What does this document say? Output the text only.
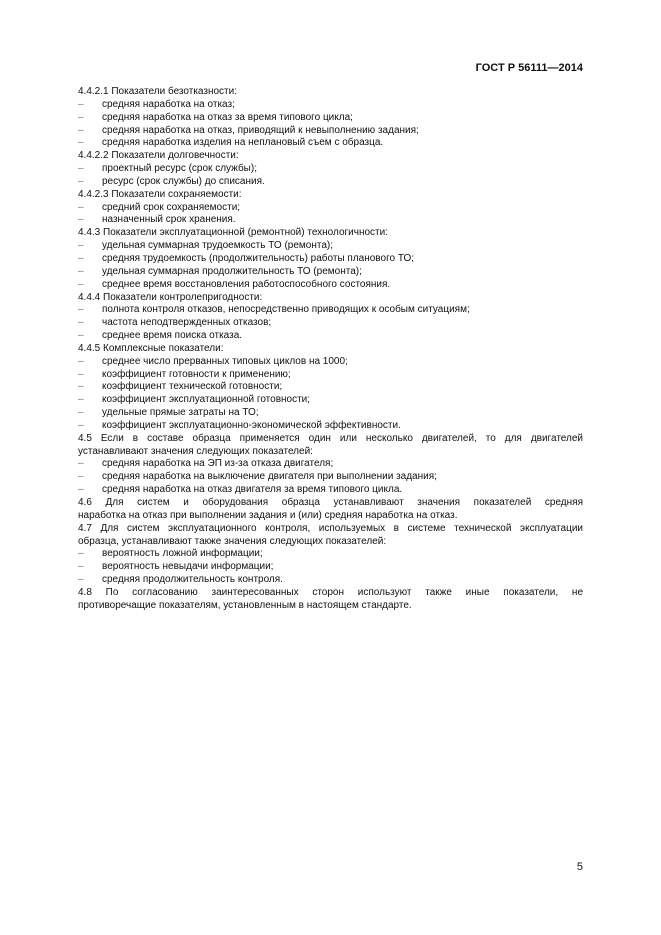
ГОСТ Р 56111—2014
4.4.2.1 Показатели безотказности:
– средняя наработка на отказ;
– средняя наработка на отказ за время типового цикла;
– средняя наработка на отказ, приводящий к невыполнению задания;
– средняя наработка изделия на неплановый съем с образца.
4.4.2.2 Показатели долговечности:
– проектный ресурс (срок службы);
– ресурс (срок службы) до списания.
4.4.2.3 Показатели сохраняемости:
– средний срок сохраняемости;
– назначенный срок хранения.
4.4.3 Показатели эксплуатационной (ремонтной) технологичности:
– удельная суммарная трудоемкость ТО (ремонта);
– средняя трудоемкость (продолжительность) работы планового ТО;
– удельная суммарная продолжительность ТО (ремонта);
– среднее время восстановления работоспособного состояния.
4.4.4 Показатели контролепригодности:
– полнота контроля отказов, непосредственно приводящих к особым ситуациям;
– частота неподтвержденных отказов;
– среднее время поиска отказа.
4.4.5 Комплексные показатели:
– среднее число прерванных типовых циклов на 1000;
– коэффициент готовности к применению;
– коэффициент технической готовности;
– коэффициент эксплуатационной готовности;
– удельные прямые затраты на ТО;
– коэффициент эксплуатационно-экономической эффективности.
4.5 Если в составе образца применяется один или несколько двигателей, то для двигателей
устанавливают значения следующих показателей:
– средняя наработка на ЭП из-за отказа двигателя;
– средняя наработка на выключение двигателя при выполнении задания;
– средняя наработка на отказ двигателя за время типового цикла.
4.6 Для систем и оборудования образца устанавливают значения показателей средняя
наработка на отказ при выполнении задания и (или) средняя наработка на отказ.
4.7 Для систем эксплуатационного контроля, используемых в системе технической эксплуатации
образца, устанавливают также значения следующих показателей:
– вероятность ложной информации;
– вероятность невыдачи информации;
– средняя продолжительность контроля.
4.8 По согласованию заинтересованных сторон используют также иные показатели, не
противоречащие показателям, установленным в настоящем стандарте.
5
